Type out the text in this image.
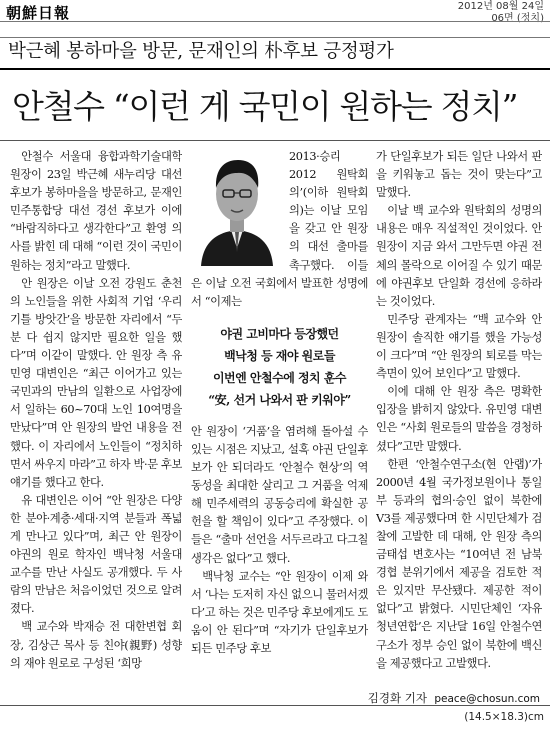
朝鮮日報	2012년 08월 24일
06면 (정치)
박근혜 봉하마을 방문, 문재인의 朴후보 긍정평가
안철수 “이런 게 국민이 원하는 정치”

안철수 서울대 융합과학기술대학원장이 23일 박근혜 새누리당 대선 후보가 봉하마을을 방문하고, 문재인 민주통합당 대선 경선 후보가 이에 “바람직하다고 생각한다”고 환영 의사를 밝힌 데 대해 “이런 것이 국민이 원하는 정치”라고 말했다.

안 원장은 이날 오전 강원도 춘천의 노인들을 위한 사회적 기업 ‘우리 기틀 방앗간’을 방문한 자리에서 “두 분 다 쉽지 않지만 필요한 일을 했다”며 이같이 말했다. 안 원장 측 유민영 대변인은 “최근 이어가고 있는 국민과의 만남의 일환으로 사업장에서 일하는 60~70대 노인 10여명을 만났다”며 안 원장의 발언 내용을 전했다. 이 자리에서 노인들이 “정치하면서 싸우지 마라”고 하자 박·문 후보 얘기를 했다고 한다.

유 대변인은 이어 “안 원장은 다양한 분야·계층·세대·지역 분들과 폭넓게 만나고 있다”며, 최근 안 원장이 야권의 원로 학자인 백낙청 서울대 교수를 만난 사실도 공개했다. 두 사람의 만남은 처음이었던 것으로 알려졌다.

백 교수와 박재승 전 대한변협 회장, 김상근 목사 등 친야(親野) 성향의 재야 원로로 구성된 ‘희망

2013·승리 2012 원탁회의’(이하 원탁회의)는 이날 모임을 갖고 안 원장의 대선 출마를 촉구했다. 이들은 이날 오전 국회에서 발표한 성명에서 “이제는

야권 고비마다 등장했던
백낙청 등 재야 원로들
이번엔 안철수에 정치 훈수
“安, 선거 나와서 판 키워야”

안 원장이 ‘거품’을 염려해 돌아설 수 있는 시점은 지났고, 설혹 야권 단일후보가 안 되더라도 ‘안철수 현상’의 역동성을 최대한 살리고 그 거품을 억제해 민주세력의 공동승리에 확실한 공헌을 할 책임이 있다”고 주장했다. 이들은 “출마 선언을 서두르라고 다그칠 생각은 없다”고 했다.

백낙청 교수는 “안 원장이 이제 와서 ‘나는 도저히 자신 없으니 물러서겠다’고 하는 것은 민주당 후보에게도 도움이 안 된다”며 “자기가 단일후보가 되든 민주당 후보

가 단일후보가 되든 일단 나와서 판을 키워놓고 돕는 것이 맞는다”고 말했다.

이날 백 교수와 원탁회의 성명의 내용은 매우 직설적인 것이었다. 안 원장이 지금 와서 그만두면 야권 전체의 몰락으로 이어질 수 있기 때문에 야권후보 단일화 경선에 응하라는 것이었다.

민주당 관계자는 “백 교수와 안 원장이 솔직한 얘기를 했을 가능성이 크다”며 “안 원장의 퇴로를 막는 측면이 있어 보인다”고 말했다.

이에 대해 안 원장 측은 명확한 입장을 밝히지 않았다. 유민영 대변인은 “사회 원로들의 말씀을 경청하셨다”고만 말했다.

한편 ‘안철수연구소(현 안랩)’가 2000년 4월 국가정보원이나 통일부 등과의 협의·승인 없이 북한에 V3를 제공했다며 한 시민단체가 검찰에 고발한 데 대해, 안 원장 측의 금태섭 변호사는 “10여년 전 남북경협 분위기에서 제공을 검토한 적은 있지만 무산됐다. 제공한 적이 없다”고 밝혔다. 시민단체인 ‘자유청년연합’은 지난달 16일 안철수연구소가 정부 승인 없이 북한에 백신을 제공했다고 고발했다.

김경화 기자 peace@chosun.com
(14.5×18.3)cm
